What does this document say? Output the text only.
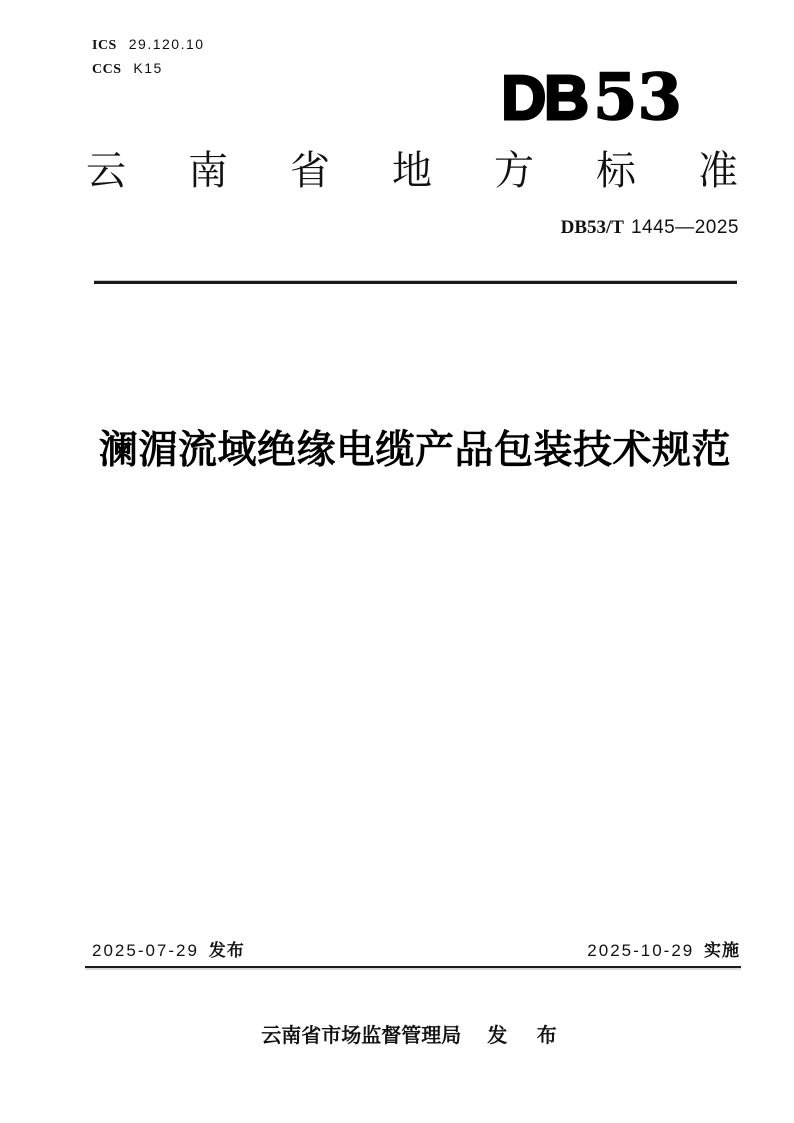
ICS 29.120.10
CCS K15	DB53
云 南 省 地 方 标 准
DB53/T 1445—2025
澜湄流域绝缘电缆产品包装技术规范
2025-07-29 发布	2025-10-29 实施
云南省市场监督管理局 发 布
